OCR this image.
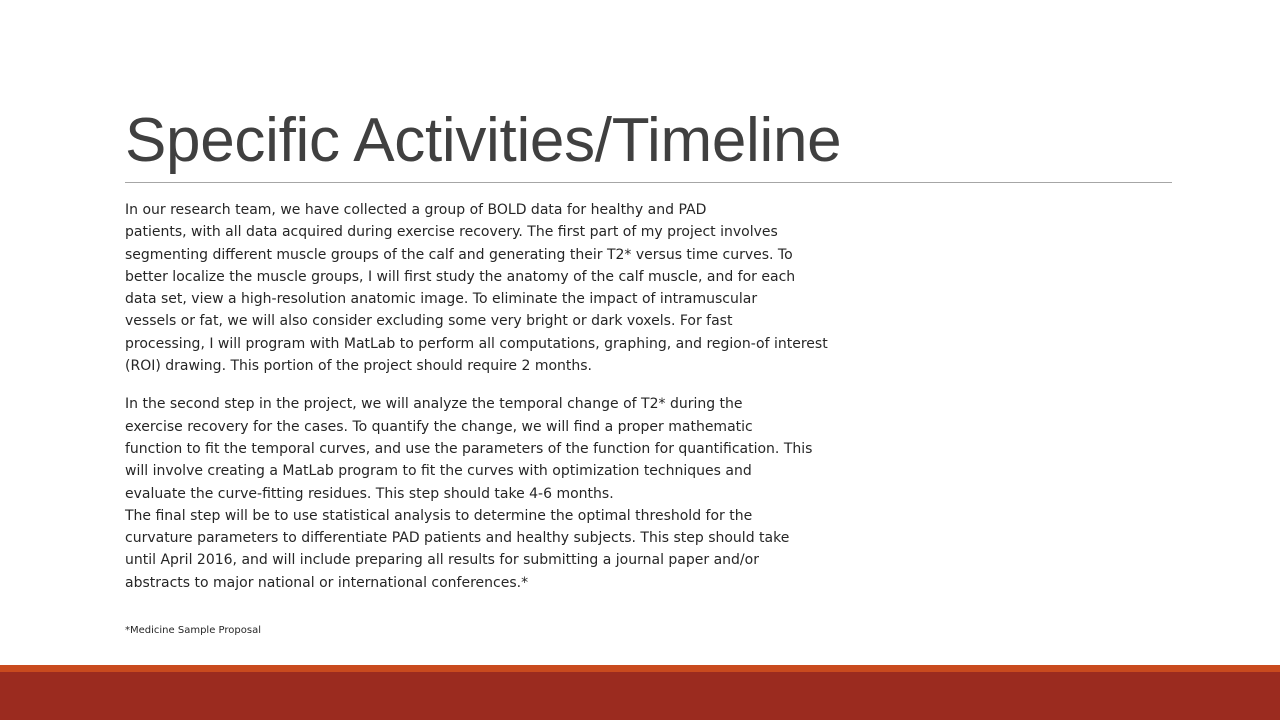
Specific Activities/Timeline

In our research team, we have collected a group of BOLD data for healthy and PAD
patients, with all data acquired during exercise recovery. The first part of my project involves
segmenting different muscle groups of the calf and generating their T2* versus time curves. To
better localize the muscle groups, I will first study the anatomy of the calf muscle, and for each
data set, view a high-resolution anatomic image. To eliminate the impact of intramuscular
vessels or fat, we will also consider excluding some very bright or dark voxels. For fast
processing, I will program with MatLab to perform all computations, graphing, and region-of interest
(ROI) drawing. This portion of the project should require 2 months.

In the second step in the project, we will analyze the temporal change of T2* during the
exercise recovery for the cases. To quantify the change, we will find a proper mathematic
function to fit the temporal curves, and use the parameters of the function for quantification. This
will involve creating a MatLab program to fit the curves with optimization techniques and
evaluate the curve-fitting residues. This step should take 4-6 months.
The final step will be to use statistical analysis to determine the optimal threshold for the
curvature parameters to differentiate PAD patients and healthy subjects. This step should take
until April 2016, and will include preparing all results for submitting a journal paper and/or
abstracts to major national or international conferences.*

*Medicine Sample Proposal
